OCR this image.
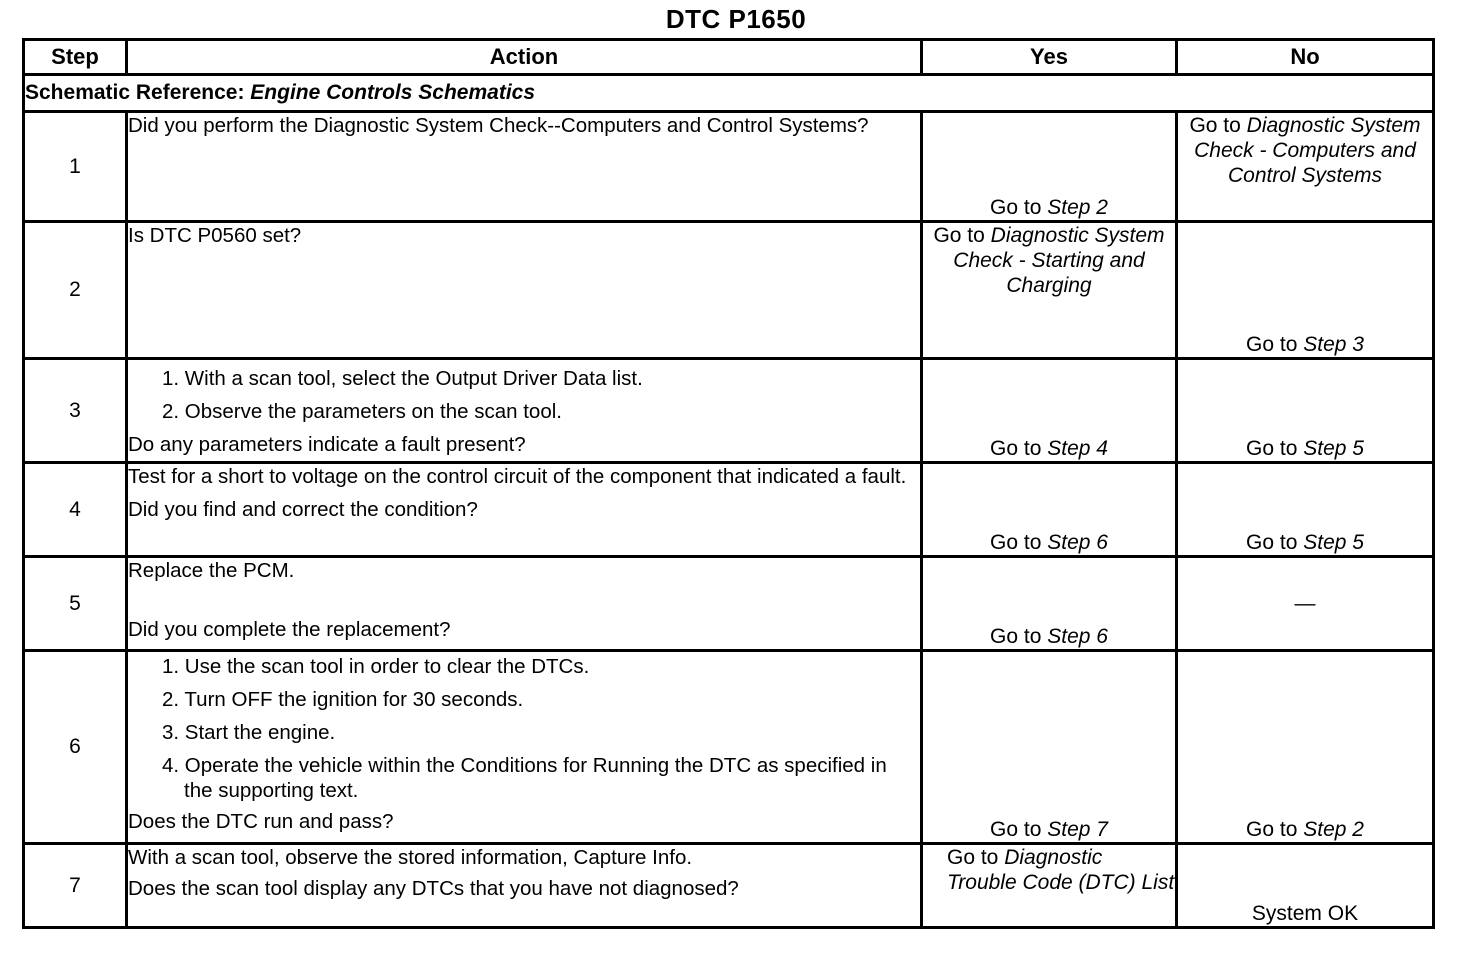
DTC P1650
Step	Action	Yes	No
Schematic Reference: Engine Controls Schematics			
1	Did you perform the Diagnostic System Check--Computers and Control Systems?	Go to Step 2	Go to Diagnostic System Check - Computers and Control Systems
2	Is DTC P0560 set?	Go to Diagnostic System Check - Starting and Charging	Go to Step 3
3	1. With a scan tool, select the Output Driver Data list.
2. Observe the parameters on the scan tool.
Do any parameters indicate a fault present?	Go to Step 4	Go to Step 5
4	Test for a short to voltage on the control circuit of the component that indicated a fault.
Did you find and correct the condition?	Go to Step 6	Go to Step 5
5	Replace the PCM.
Did you complete the replacement?	Go to Step 6	—
6	1. Use the scan tool in order to clear the DTCs.
2. Turn OFF the ignition for 30 seconds.
3. Start the engine.
4. Operate the vehicle within the Conditions for Running the DTC as specified in the supporting text.
Does the DTC run and pass?	Go to Step 7	Go to Step 2
7	With a scan tool, observe the stored information, Capture Info.
Does the scan tool display any DTCs that you have not diagnosed?	Go to Diagnostic Trouble Code (DTC) List	System OK
